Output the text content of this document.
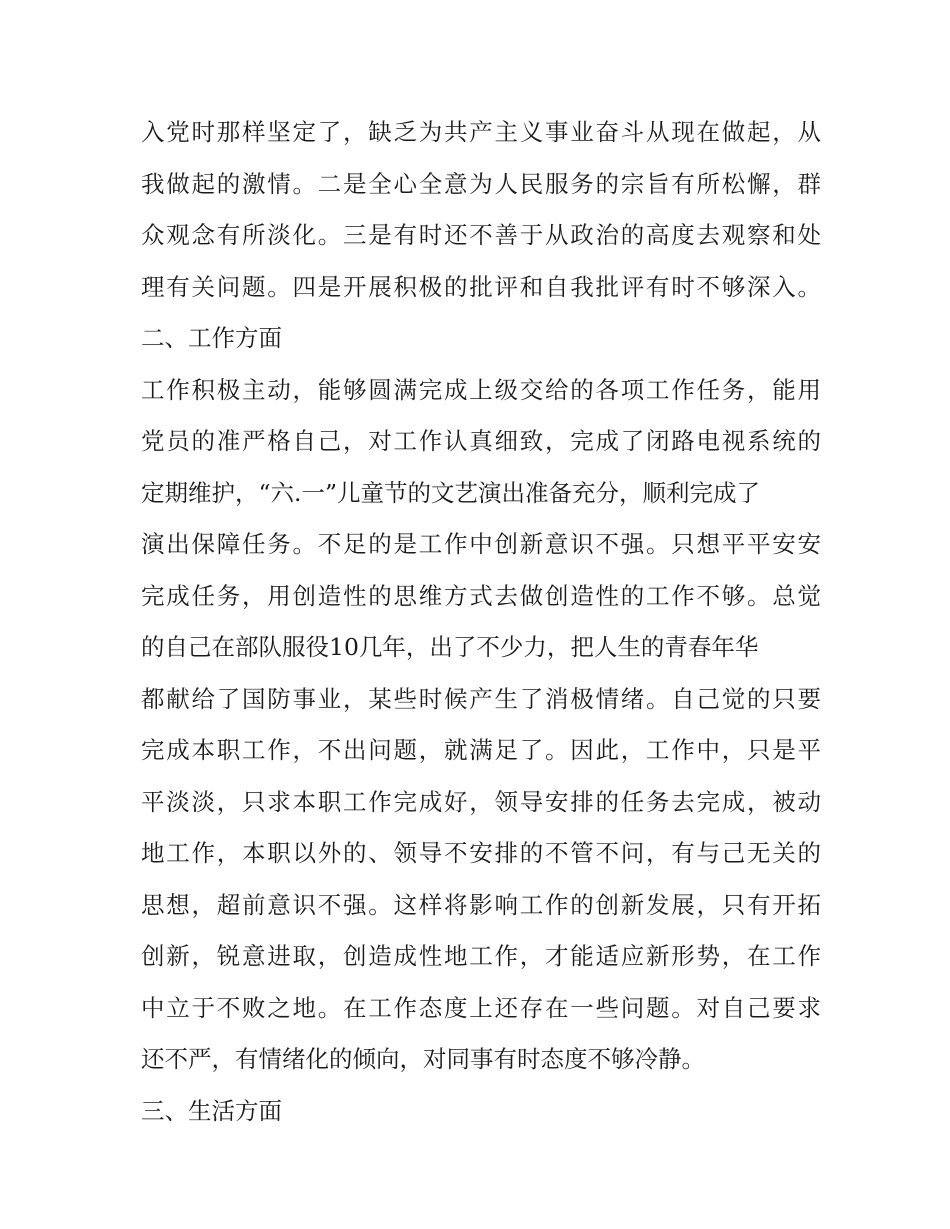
入党时那样坚定了，缺乏为共产主义事业奋斗从现在做起，从
我做起的激情。二是全心全意为人民服务的宗旨有所松懈，群
众观念有所淡化。三是有时还不善于从政治的高度去观察和处
理有关问题。四是开展积极的批评和自我批评有时不够深入。
二、工作方面
工作积极主动，能够圆满完成上级交给的各项工作任务，能用
党员的准严格自己，对工作认真细致，完成了闭路电视系统的
定期维护，“六.一”儿童节的文艺演出准备充分，顺利完成了
演出保障任务。不足的是工作中创新意识不强。只想平平安安
完成任务，用创造性的思维方式去做创造性的工作不够。总觉
的自己在部队服役10几年，出了不少力，把人生的青春年华
都献给了国防事业，某些时候产生了消极情绪。自己觉的只要
完成本职工作，不出问题，就满足了。因此，工作中，只是平
平淡淡，只求本职工作完成好，领导安排的任务去完成，被动
地工作，本职以外的、领导不安排的不管不问，有与己无关的
思想，超前意识不强。这样将影响工作的创新发展，只有开拓
创新，锐意进取，创造成性地工作，才能适应新形势，在工作
中立于不败之地。在工作态度上还存在一些问题。对自己要求
还不严，有情绪化的倾向，对同事有时态度不够冷静。
三、生活方面
